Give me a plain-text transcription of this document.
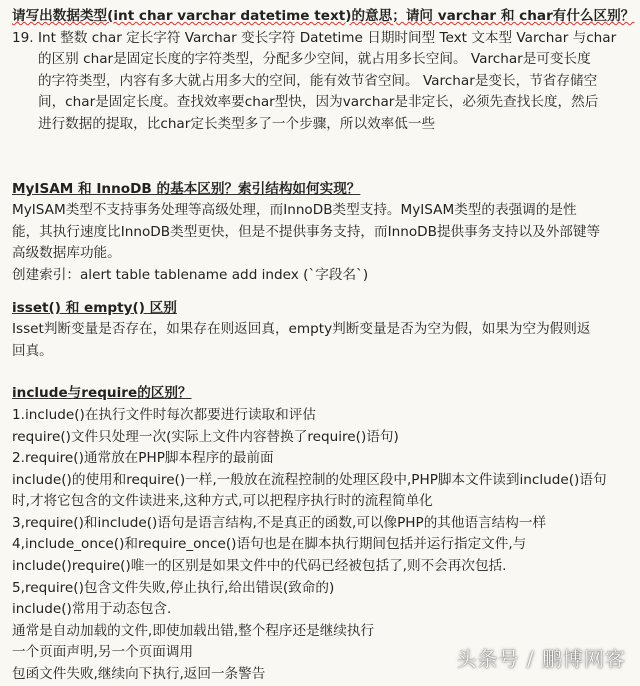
请写出数据类型(int char varchar datetime text)的意思；请问 varchar 和 char有什么区别？
19. Int 整数 char 定长字符 Varchar 变长字符 Datetime 日期时间型 Text 文本型 Varchar 与char
的区别 char是固定长度的字符类型，分配多少空间，就占用多长空间。 Varchar是可变长度
的字符类型，内容有多大就占用多大的空间，能有效节省空间。 Varchar是变长，节省存储空
间，char是固定长度。查找效率要char型快，因为varchar是非定长，必须先查找长度，然后
进行数据的提取，比char定长类型多了一个步骤，所以效率低一些
MyISAM 和 InnoDB 的基本区别？索引结构如何实现？
MyISAM类型不支持事务处理等高级处理，而InnoDB类型支持。MyISAM类型的表强调的是性
能，其执行速度比InnoDB类型更快，但是不提供事务支持，而InnoDB提供事务支持以及外部键等
高级数据库功能。
创建索引：alert table tablename add index (`字段名`)
isset() 和 empty() 区别
Isset判断变量是否存在，如果存在则返回真，empty判断变量是否为空为假，如果为空为假则返
回真。
include与require的区别？
1.include()在执行文件时每次都要进行读取和评估
require()文件只处理一次(实际上文件内容替换了require()语句)
2.require()通常放在PHP脚本程序的最前面
include()的使用和require()一样,一般放在流程控制的处理区段中,PHP脚本文件读到include()语句
时,才将它包含的文件读进来,这种方式,可以把程序执行时的流程简单化
3,require()和include()语句是语言结构,不是真正的函数,可以像PHP的其他语言结构一样
4,include_once()和require_once()语句也是在脚本执行期间包括并运行指定文件,与
include()require()唯一的区别是如果文件中的代码已经被包括了,则不会再次包括.
5,require()包含文件失败,停止执行,给出错误(致命的)
include()常用于动态包含.
通常是自动加载的文件,即使加载出错,整个程序还是继续执行
一个页面声明,另一个页面调用
包函文件失败,继续向下执行,返回一条警告
头条号 / 鹏博网客
